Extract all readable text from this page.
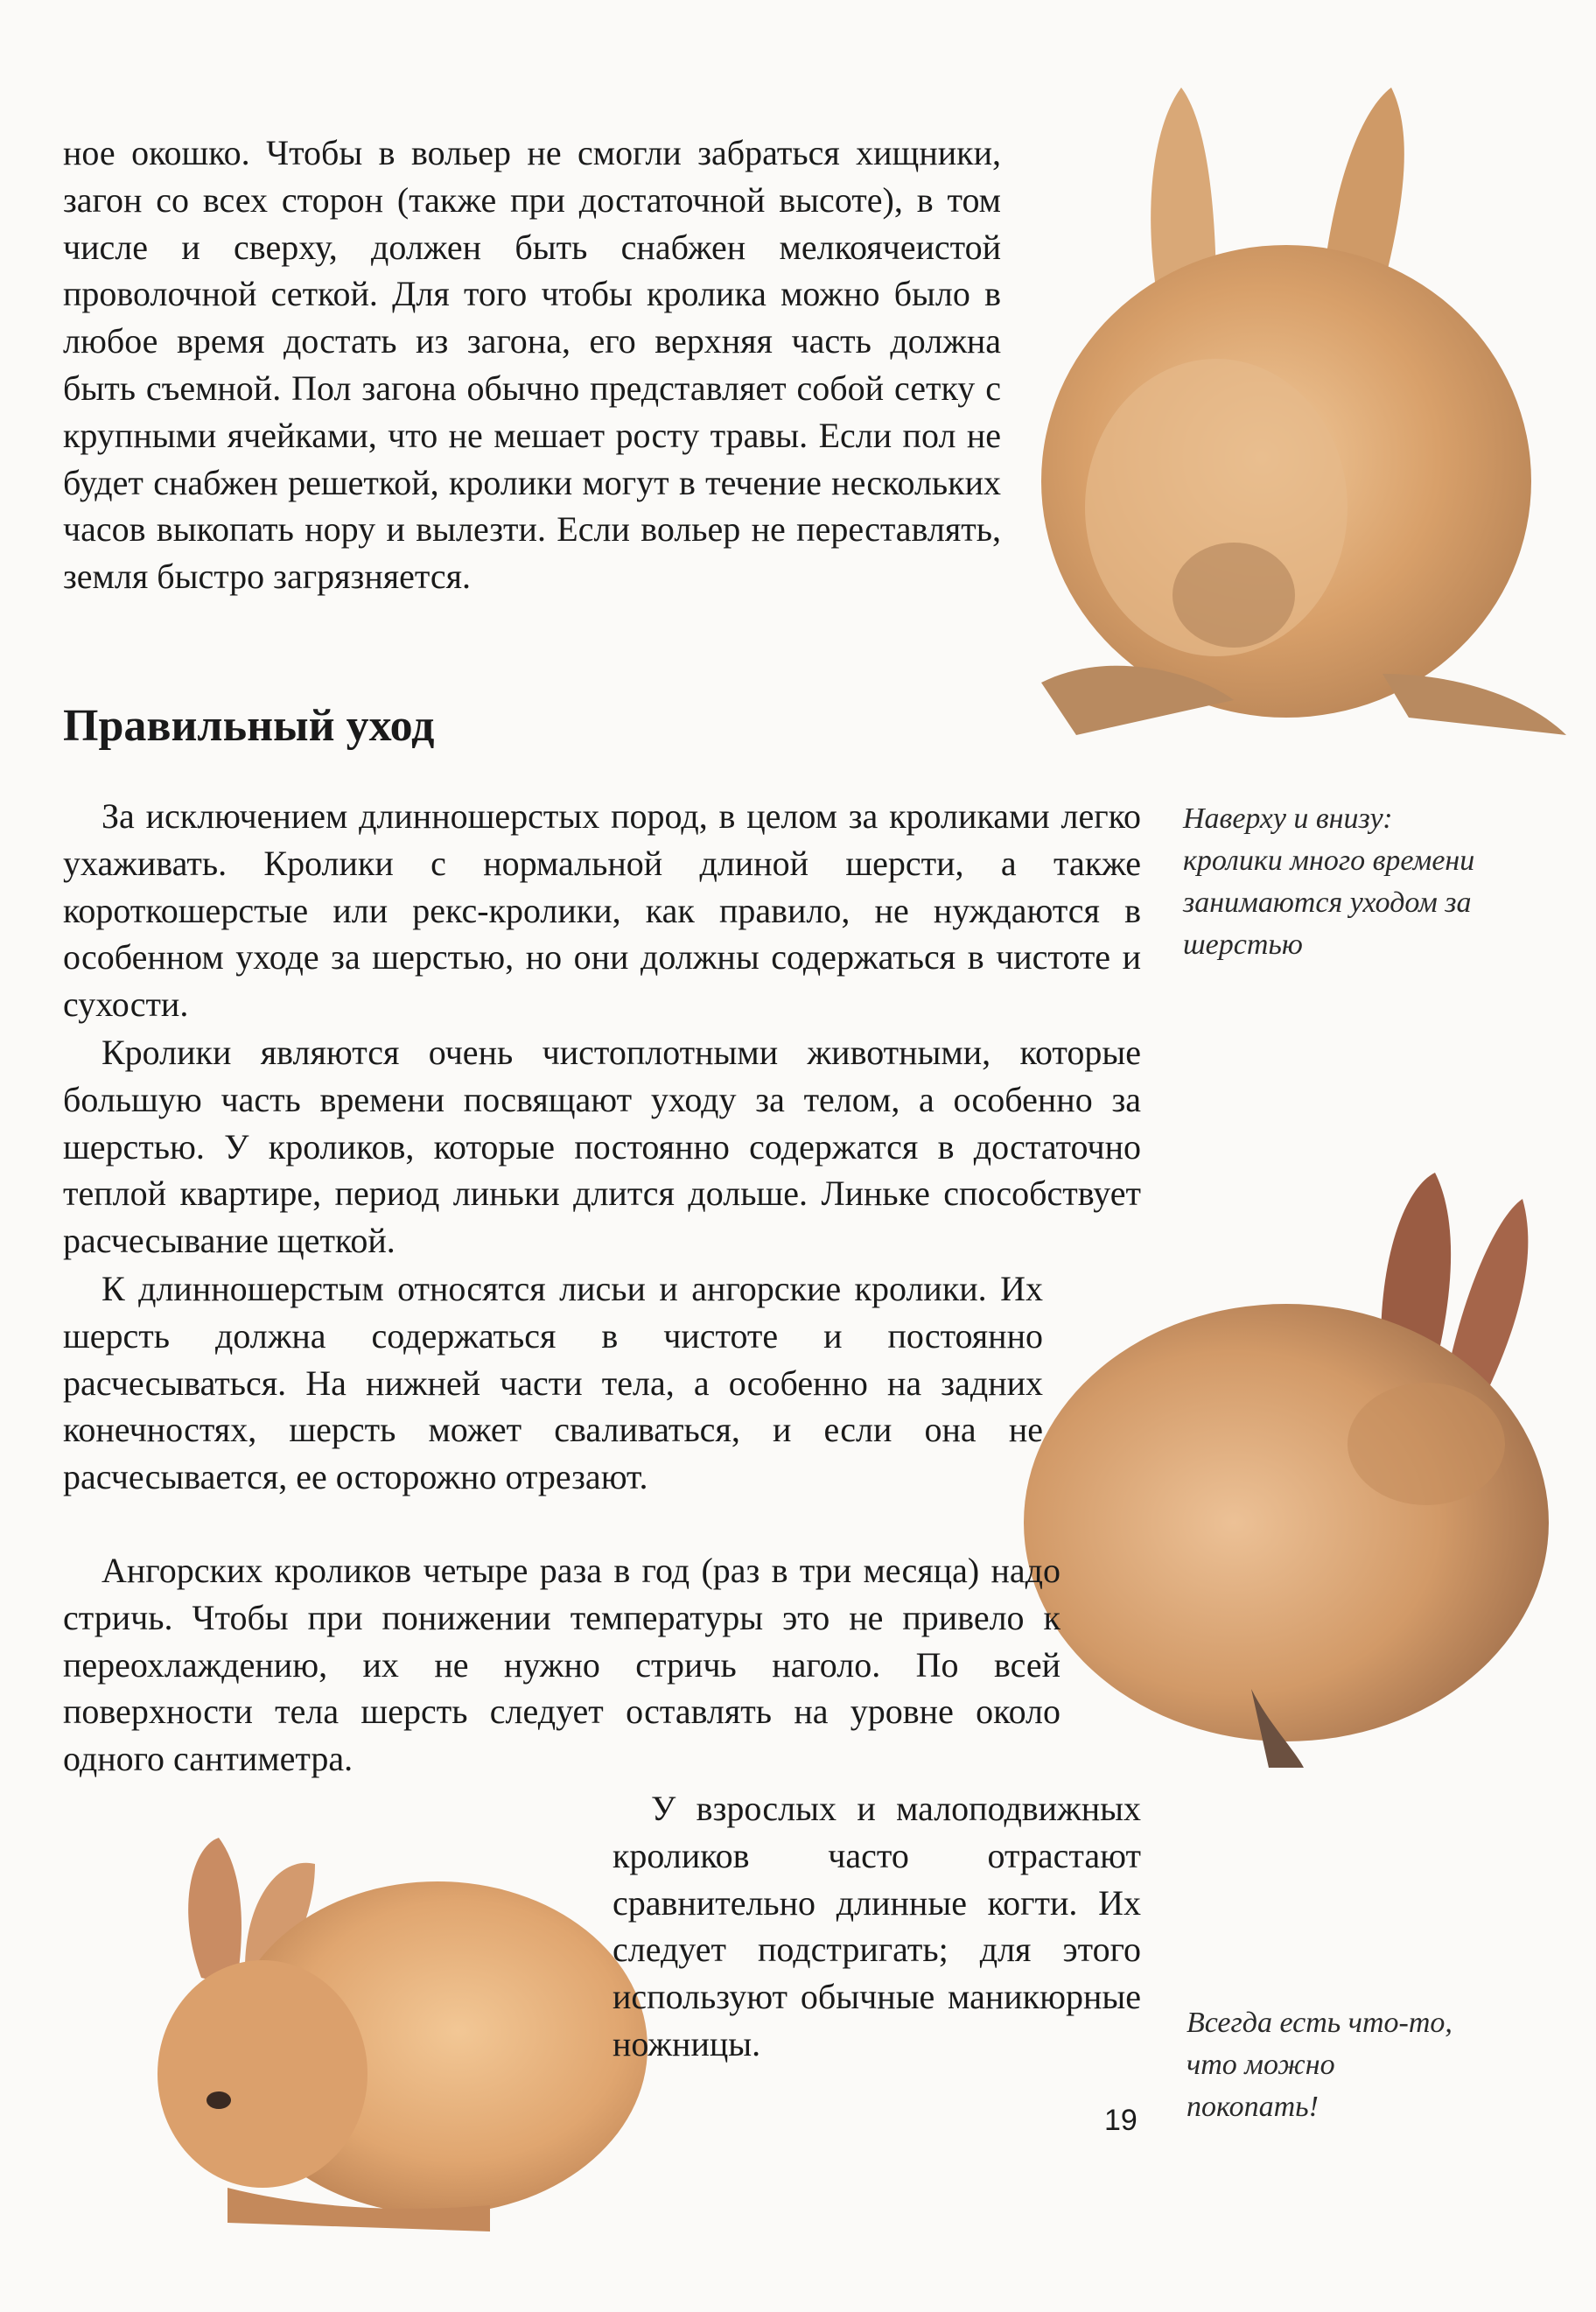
ное окошко. Чтобы в вольер не смогли забраться хищники, загон со всех сторон (также при достаточной высоте), в том числе и сверху, должен быть снабжен мелкоячеистой проволочной сеткой. Для того чтобы кролика можно было в любое время достать из загона, его верхняя часть должна быть съемной. Пол загона обычно представляет собой сетку с крупными ячейками, что не мешает росту травы. Если пол не будет снабжен решеткой, кролики могут в течение нескольких часов выкопать нору и вылезти. Если вольер не переставлять, земля быстро загрязняется.

Правильный уход

За исключением длинношерстых пород, в целом за кроликами легко ухаживать. Кролики с нормальной длиной шерсти, а также короткошерстые или рекс-кролики, как правило, не нуждаются в особенном уходе за шерстью, но они должны содержаться в чистоте и сухости.

Кролики являются очень чистоплотными животными, которые большую часть времени посвящают уходу за телом, а особенно за шерстью. У кроликов, которые постоянно содержатся в достаточно теплой квартире, период линьки длится дольше. Линьке способствует расчесывание щеткой.

К длинношерстым относятся лисьи и ангорские кролики. Их шерсть должна содержаться в чистоте и постоянно расчесываться. На нижней части тела, а особенно на задних конечностях, шерсть может сваливаться, и если она не расчесывается, ее осторожно отрезают.

Ангорских кроликов четыре раза в год (раз в три месяца) надо стричь. Чтобы при понижении температуры это не привело к переохлаждению, их не нужно стричь наголо. По всей поверхности тела шерсть следует оставлять на уровне около одного сантиметра.

У взрослых и малоподвижных кроликов часто отрастают сравнительно длинные когти. Их следует подстригать; для этого используют обычные маникюрные ножницы.

Наверху и внизу: кролики много времени занимаются уходом за шерстью
Всегда есть что-то, что можно покопать!
19
